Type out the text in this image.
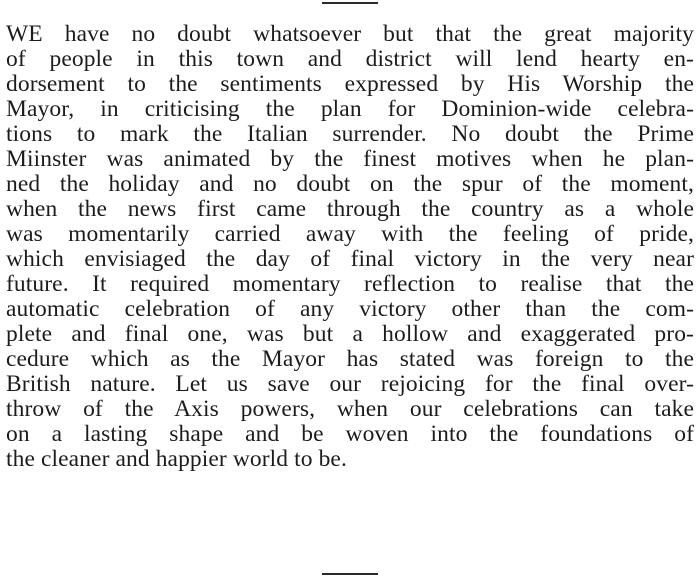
WE have no doubt whatsoever but that the great majority
of people in this town and district will lend hearty en-
dorsement to the sentiments expressed by His Worship the
Mayor, in criticising the plan for Dominion-wide celebra-
tions to mark the Italian surrender. No doubt the Prime
Miinster was animated by the finest motives when he plan-
ned the holiday and no doubt on the spur of the moment,
when the news first came through the country as a whole
was momentarily carried away with the feeling of pride,
which envisiaged the day of final victory in the very near
future. It required momentary reflection to realise that the
automatic celebration of any victory other than the com-
plete and final one, was but a hollow and exaggerated pro-
cedure which as the Mayor has stated was foreign to the
British nature. Let us save our rejoicing for the final over-
throw of the Axis powers, when our celebrations can take
on a lasting shape and be woven into the foundations of
the cleaner and happier world to be.
